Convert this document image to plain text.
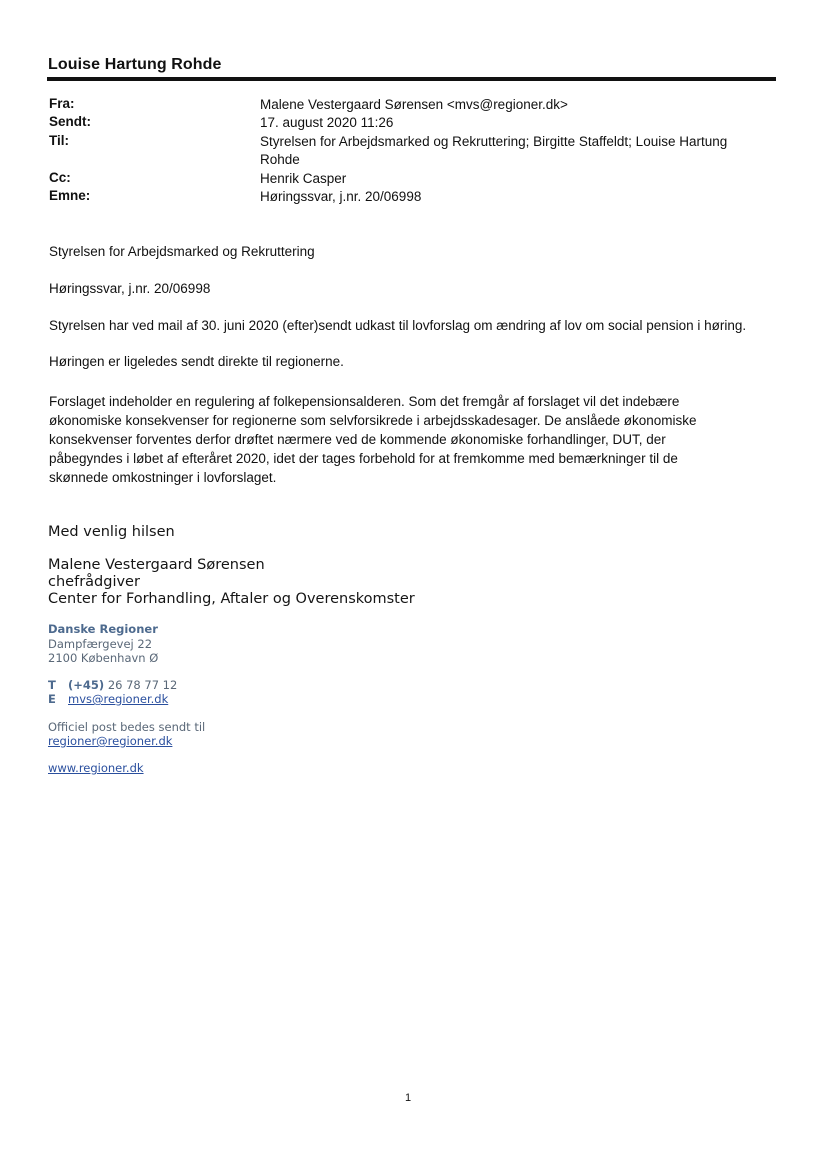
Louise Hartung Rohde
Fra:	Malene Vestergaard Sørensen <mvs@regioner.dk>
Sendt:	17. august 2020 11:26
Til:	Styrelsen for Arbejdsmarked og Rekruttering; Birgitte Staffeldt; Louise Hartung
Rohde
Cc:	Henrik Casper
Emne:	Høringssvar, j.nr. 20/06998
Styrelsen for Arbejdsmarked og Rekruttering
Høringssvar, j.nr. 20/06998
Styrelsen har ved mail af 30. juni 2020 (efter)sendt udkast til lovforslag om ændring af lov om social pension i høring.
Høringen er ligeledes sendt direkte til regionerne.
Forslaget indeholder en regulering af folkepensionsalderen. Som det fremgår af forslaget vil det indebære
økonomiske konsekvenser for regionerne som selvforsikrede i arbejdsskadesager. De anslåede økonomiske
konsekvenser forventes derfor drøftet nærmere ved de kommende økonomiske forhandlinger, DUT, der
påbegyndes i løbet af efteråret 2020, idet der tages forbehold for at fremkomme med bemærkninger til de
skønnede omkostninger i lovforslaget.
Med venlig hilsen
Malene Vestergaard Sørensen
chefrådgiver
Center for Forhandling, Aftaler og Overenskomster
Danske Regioner
Dampfærgevej 22
2100 København Ø
T (+45) 26 78 77 12
E mvs@regioner.dk
Officiel post bedes sendt til
regioner@regioner.dk
www.regioner.dk
1
